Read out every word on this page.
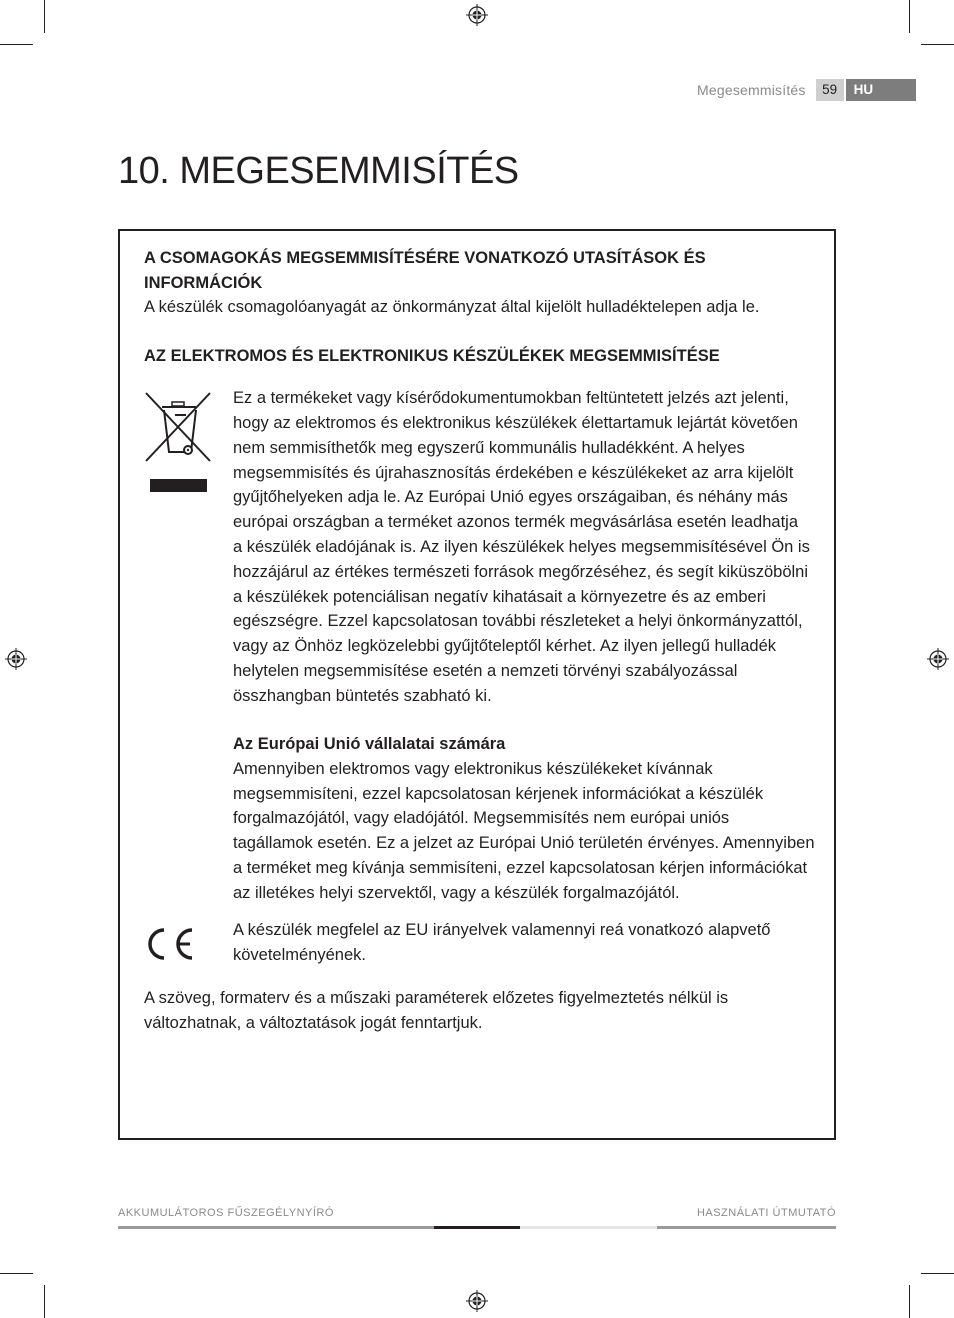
Megesemmisítés	59	HU
10. MEGESEMMISÍTÉS

A CSOMAGOKÁS MEGSEMMISÍTÉSÉRE VONATKOZÓ UTASÍTÁSOK ÉS

INFORMÁCIÓK

A készülék csomagolóanyagát az önkormányzat által kijelölt hulladéktelepen adja le.

AZ ELEKTROMOS ÉS ELEKTRONIKUS KÉSZÜLÉKEK MEGSEMMISÍTÉSE

Ez a termékeket vagy kísérődokumentumokban feltüntetett jelzés azt jelenti,

hogy az elektromos és elektronikus készülékek élettartamuk lejártát követően

nem semmisíthetők meg egyszerű kommunális hulladékként. A helyes

megsemmisítés és újrahasznosítás érdekében e készülékeket az arra kijelölt

gyűjtőhelyeken adja le. Az Európai Unió egyes országaiban, és néhány más

európai országban a terméket azonos termék megvásárlása esetén leadhatja

a készülék eladójának is. Az ilyen készülékek helyes megsemmisítésével Ön is

hozzájárul az értékes természeti források megőrzéséhez, és segít kiküszöbölni

a készülékek potenciálisan negatív kihatásait a környezetre és az emberi

egészségre. Ezzel kapcsolatosan további részleteket a helyi önkormányzattól,

vagy az Önhöz legközelebbi gyűjtőteleptől kérhet. Az ilyen jellegű hulladék

helytelen megsemmisítése esetén a nemzeti törvényi szabályozással

összhangban büntetés szabható ki.

Az Európai Unió vállalatai számára

Amennyiben elektromos vagy elektronikus készülékeket kívánnak

megsemmisíteni, ezzel kapcsolatosan kérjenek információkat a készülék

forgalmazójától, vagy eladójától. Megsemmisítés nem európai uniós

tagállamok esetén. Ez a jelzet az Európai Unió területén érvényes. Amennyiben

a terméket meg kívánja semmisíteni, ezzel kapcsolatosan kérjen információkat

az illetékes helyi szervektől, vagy a készülék forgalmazójától.

A készülék megfelel az EU irányelvek valamennyi reá vonatkozó alapvető

követelményének.

A szöveg, formaterv és a műszaki paraméterek előzetes figyelmeztetés nélkül is

változhatnak, a változtatások jogát fenntartjuk.

AKKUMULÁTOROS FŰSZEGÉLYNYÍRÓ	HASZNÁLATI ÚTMUTATÓ
